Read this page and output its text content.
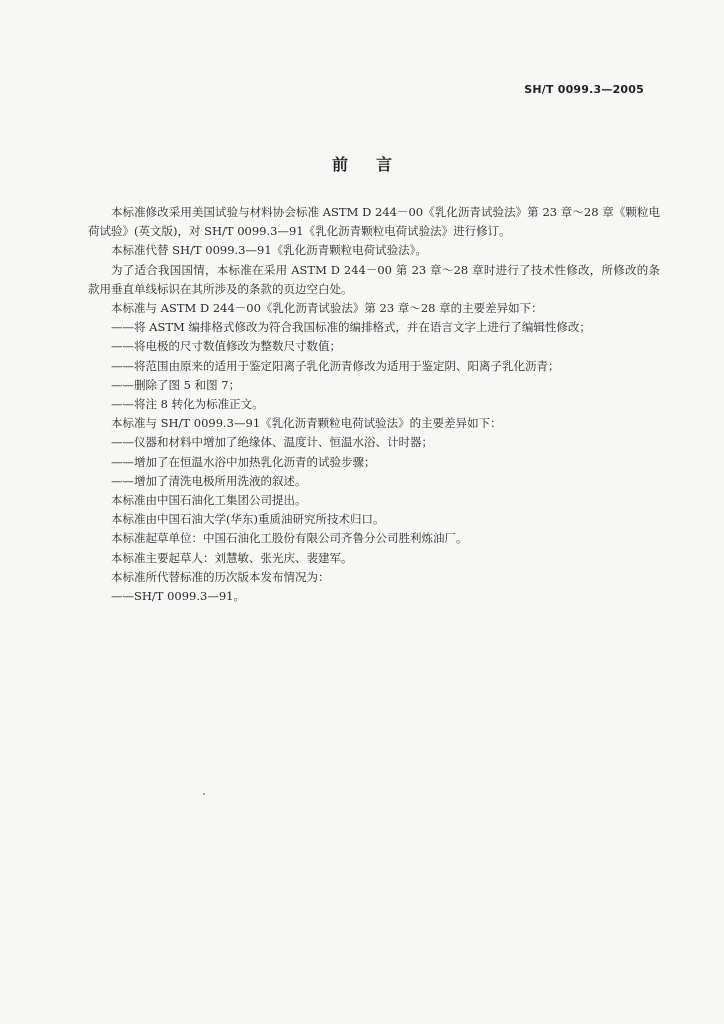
SH/T 0099.3—2005
前言

本标准修改采用美国试验与材料协会标准 ASTM D 244－00《乳化沥青试验法》第 23 章～28 章《颗粒电荷试验》(英文版)，对 SH/T 0099.3—91《乳化沥青颗粒电荷试验法》进行修订。

本标准代替 SH/T 0099.3—91《乳化沥青颗粒电荷试验法》。

为了适合我国国情，本标准在采用 ASTM D 244－00 第 23 章～28 章时进行了技术性修改，所修改的条款用垂直单线标识在其所涉及的条款的页边空白处。

本标准与 ASTM D 244－00《乳化沥青试验法》第 23 章～28 章的主要差异如下：

——将 ASTM 编排格式修改为符合我国标准的编排格式，并在语言文字上进行了编辑性修改；

——将电极的尺寸数值修改为整数尺寸数值；

——将范围由原来的适用于鉴定阳离子乳化沥青修改为适用于鉴定阴、阳离子乳化沥青；

——删除了图 5 和图 7；

——将注 8 转化为标准正文。

本标准与 SH/T 0099.3—91《乳化沥青颗粒电荷试验法》的主要差异如下：

——仪器和材料中增加了绝缘体、温度计、恒温水浴、计时器；

——增加了在恒温水浴中加热乳化沥青的试验步骤；

——增加了清洗电极所用洗液的叙述。

本标准由中国石油化工集团公司提出。

本标准由中国石油大学(华东)重质油研究所技术归口。

本标准起草单位：中国石油化工股份有限公司齐鲁分公司胜利炼油厂。

本标准主要起草人：刘慧敏、张光庆、裴建军。

本标准所代替标准的历次版本发布情况为：

——SH/T 0099.3—91。
